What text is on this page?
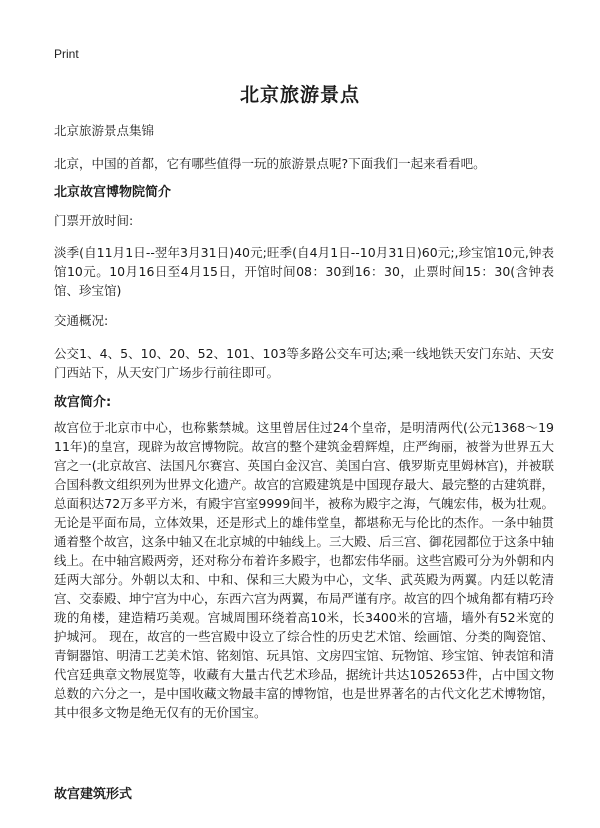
Print
北京旅游景点

北京旅游景点集锦

北京，中国的首都，它有哪些值得一玩的旅游景点呢?下面我们一起来看看吧。

北京故宫博物院简介

门票开放时间:

淡季(自11月1日--翌年3月31日)40元;旺季(自4月1日--10月31日)60元;,珍宝馆10元,钟表馆10元。10月16日至4月15日，开馆时间08：30到16：30，止票时间15：30(含钟表馆、珍宝馆)

交通概况:

公交1、4、5、10、20、52、101、103等多路公交车可达;乘一线地铁天安门东站、天安门西站下，从天安门广场步行前往即可。

故宫简介:

故宫位于北京市中心，也称紫禁城。这里曾居住过24个皇帝，是明清两代(公元1368～1911年)的皇宫，现辟为故宫博物院。故宫的整个建筑金碧辉煌，庄严绚丽，被誉为世界五大宫之一(北京故宫、法国凡尔赛宫、英国白金汉宫、美国白宫、俄罗斯克里姆林宫)，并被联合国科教文组织列为世界文化遗产。故宫的宫殿建筑是中国现存最大、最完整的古建筑群，总面积达72万多平方米，有殿宇宫室9999间半，被称为殿宇之海，气魄宏伟，极为壮观。无论是平面布局，立体效果，还是形式上的雄伟堂皇，都堪称无与伦比的杰作。一条中轴贯通着整个故宫，这条中轴又在北京城的中轴线上。三大殿、后三宫、御花园都位于这条中轴线上。在中轴宫殿两旁，还对称分布着许多殿宇，也都宏伟华丽。这些宫殿可分为外朝和内廷两大部分。外朝以太和、中和、保和三大殿为中心，文华、武英殿为两翼。内廷以乾清宫、交泰殿、坤宁宫为中心，东西六宫为两翼，布局严谨有序。故宫的四个城角都有精巧玲珑的角楼，建造精巧美观。宫城周围环绕着高10米，长3400米的宫墙，墙外有52米宽的护城河。 现在，故宫的一些宫殿中设立了综合性的历史艺术馆、绘画馆、分类的陶瓷馆、青铜器馆、明清工艺美术馆、铭刻馆、玩具馆、文房四宝馆、玩物馆、珍宝馆、钟表馆和清代宫廷典章文物展览等，收藏有大量古代艺术珍品，据统计共达1052653件，占中国文物总数的六分之一，是中国收藏文物最丰富的博物馆，也是世界著名的古代文化艺术博物馆，其中很多文物是绝无仅有的无价国宝。

故宫建筑形式
